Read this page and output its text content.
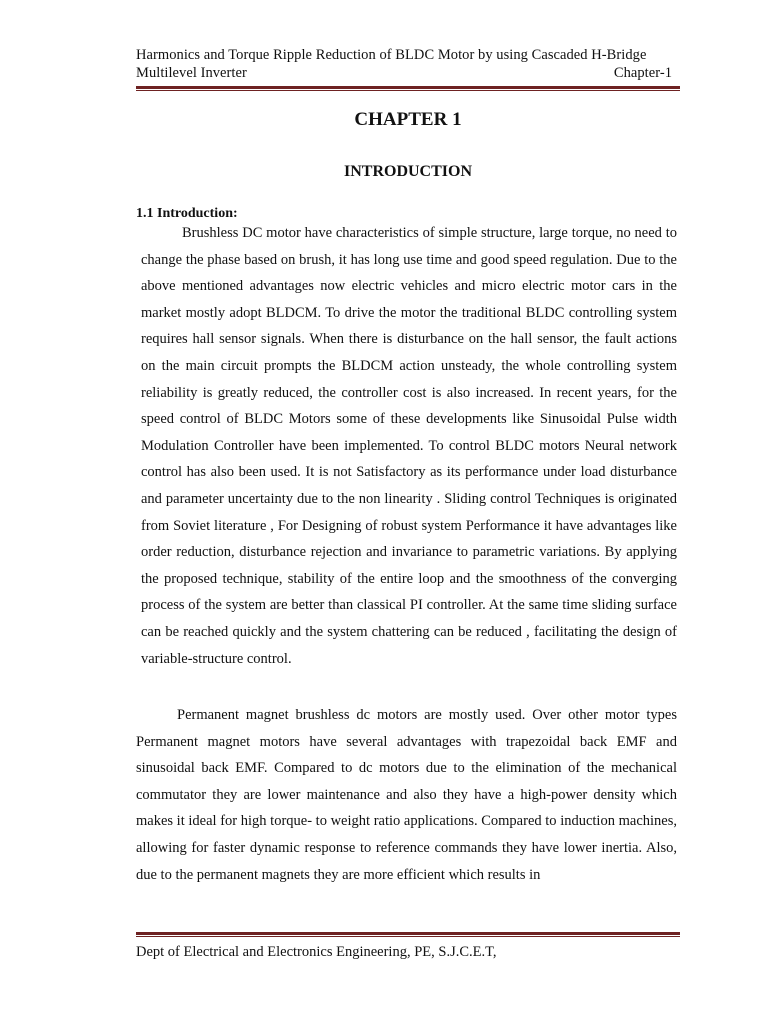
Harmonics and Torque Ripple Reduction of BLDC Motor by using Cascaded H-Bridge
Multilevel Inverter	Chapter-1
CHAPTER 1
INTRODUCTION
1.1 Introduction:

Brushless DC motor have characteristics of simple structure, large torque, no need to change the phase based on brush, it has long use time and good speed regulation. Due to the above mentioned advantages now electric vehicles and micro electric motor cars in the market mostly adopt BLDCM. To drive the motor the traditional BLDC controlling system requires hall sensor signals. When there is disturbance on the hall sensor, the fault actions on the main circuit prompts the BLDCM action unsteady, the whole controlling system reliability is greatly reduced, the controller cost is also increased. In recent years, for the speed control of BLDC Motors some of these developments like Sinusoidal Pulse width Modulation Controller have been implemented. To control BLDC motors Neural network control has also been used. It is not Satisfactory as its performance under load disturbance and parameter uncertainty due to the non linearity . Sliding control Techniques is originated from Soviet literature , For Designing of robust system Performance it have advantages like order reduction, disturbance rejection and invariance to parametric variations. By applying the proposed technique, stability of the entire loop and the smoothness of the converging process of the system are better than classical PI controller. At the same time sliding surface can be reached quickly and the system chattering can be reduced , facilitating the design of variable-structure control.

Permanent magnet brushless dc motors are mostly used. Over other motor types Permanent magnet motors have several advantages with trapezoidal back EMF and sinusoidal back EMF. Compared to dc motors due to the elimination of the mechanical commutator they are lower maintenance and also they have a high-power density which makes it ideal for high torque- to weight ratio applications. Compared to induction machines, allowing for faster dynamic response to reference commands they have lower inertia. Also, due to the permanent magnets they are more efficient which results in

Dept of Electrical and Electronics Engineering, PE, S.J.C.E.T,
